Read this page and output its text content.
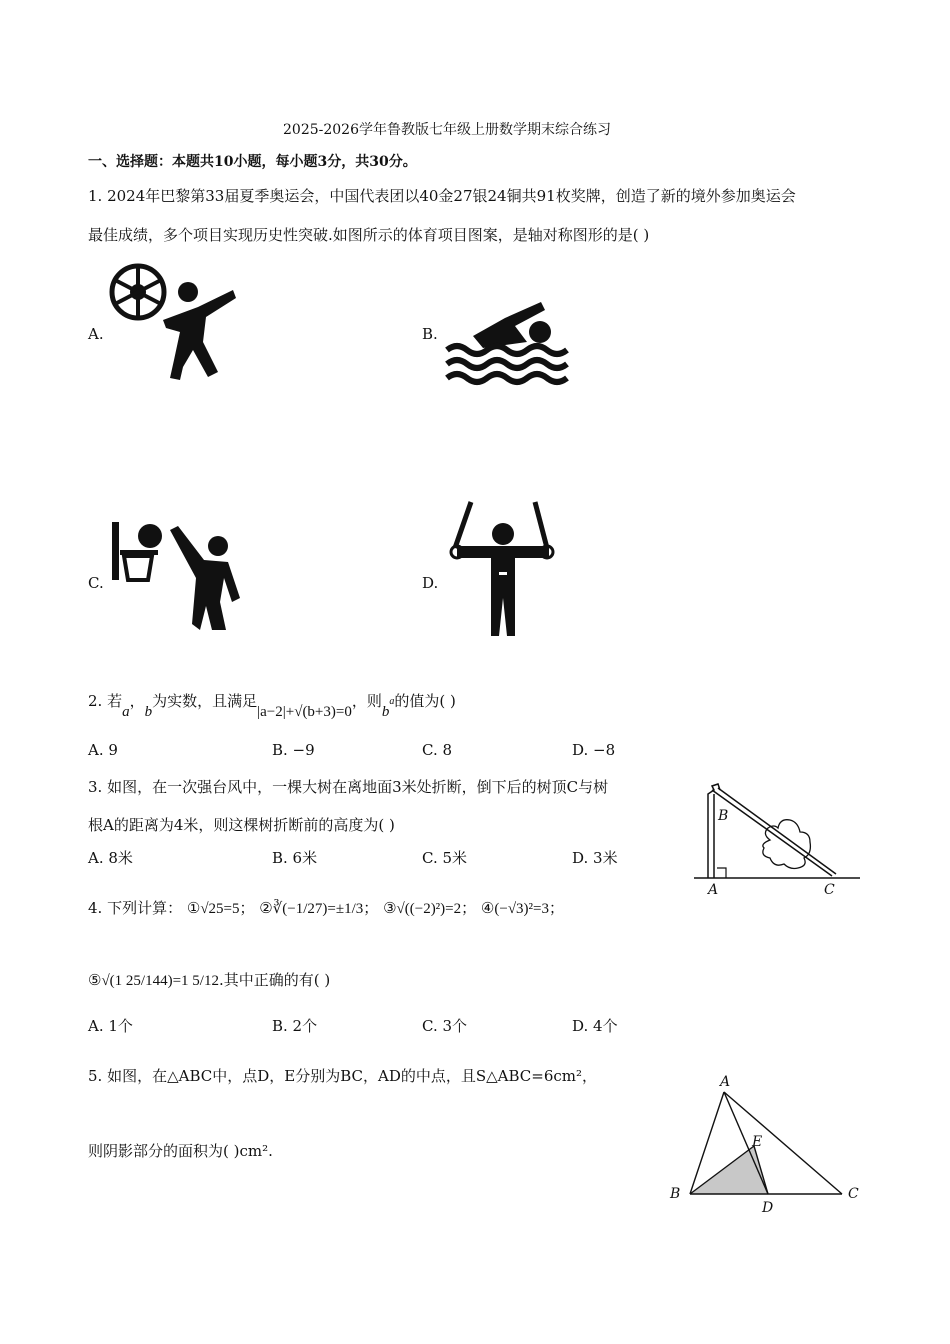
2025-2026学年鲁教版七年级上册数学期末综合练习
一、选择题：本题共10小题，每小题3分，共30分。
1. 2024年巴黎第33届夏季奥运会，中国代表团以40金27银24铜共91枚奖牌，创造了新的境外参加奥运会
最佳成绩，多个项目实现历史性突破.如图所示的体育项目图案，是轴对称图形的是( )
A.	B.
C.	D.
2. 若a，b为实数，且满足|a−2|+√(b+3)=0，则$b^a$的值为( )
A. 9	B. −9	C. 8	D. −8
3. 如图，在一次强台风中，一棵大树在离地面3米处折断，倒下后的树顶C与树
根A的距离为4米，则这棵树折断前的高度为( )
A. 8米	B. 6米	C. 5米	D. 3米
B
A	C
4. 下列计算： ①√25=5； ②∛(−1/27)=±1/3； ③√((−2)²)=2； ④(−√3)²=3；
⑤√(1 25/144)=1 5/12.其中正确的有( )
A. 1个	B. 2个	C. 3个	D. 4个
5. 如图，在△ABC中，点D，E分别为BC，AD的中点，且S△ABC=6cm²，
则阴影部分的面积为( )cm².
A
B	C
D
E
